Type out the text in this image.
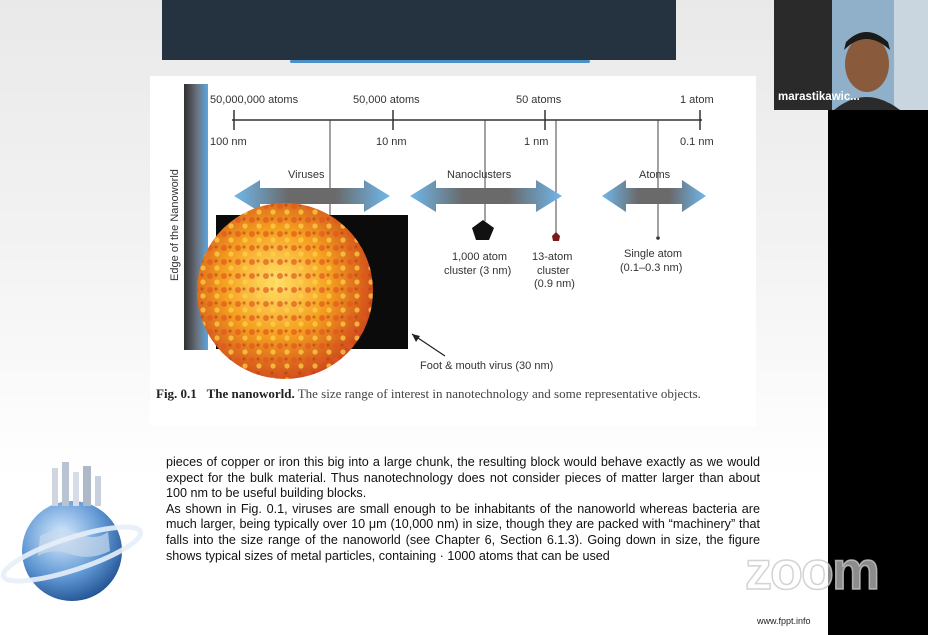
Edge of the Nanoworld
50,000,000 atoms	50,000 atoms	50 atoms	1 atom
100 nm	10 nm	1 nm	0.1 nm
Viruses	Nanoclusters	Atoms
Foot & mouth virus (30 nm)
1,000 atom
cluster (3 nm)
13-atom
cluster
(0.9 nm)
Single atom
(0.1–0.3 nm)
Fig. 0.1 The nanoworld. The size range of interest in nanotechnology and some representative objects.

pieces of copper or iron this big into a large chunk, the resulting block would behave exactly as we would expect for the bulk material. Thus nanotechnology does not consider pieces of matter larger than about 100 nm to be useful building blocks.

As shown in Fig. 0.1, viruses are small enough to be inhabitants of the nanoworld whereas bacteria are much larger, being typically over 10 μm (10,000 nm) in size, though they are packed with “machinery” that falls into the size range of the nanoworld (see Chapter 6, Section 6.1.3). Going down in size, the figure shows typical sizes of metal particles, containing · 1000 atoms that can be used

www.fppt.info
marastikawic...
zoom
